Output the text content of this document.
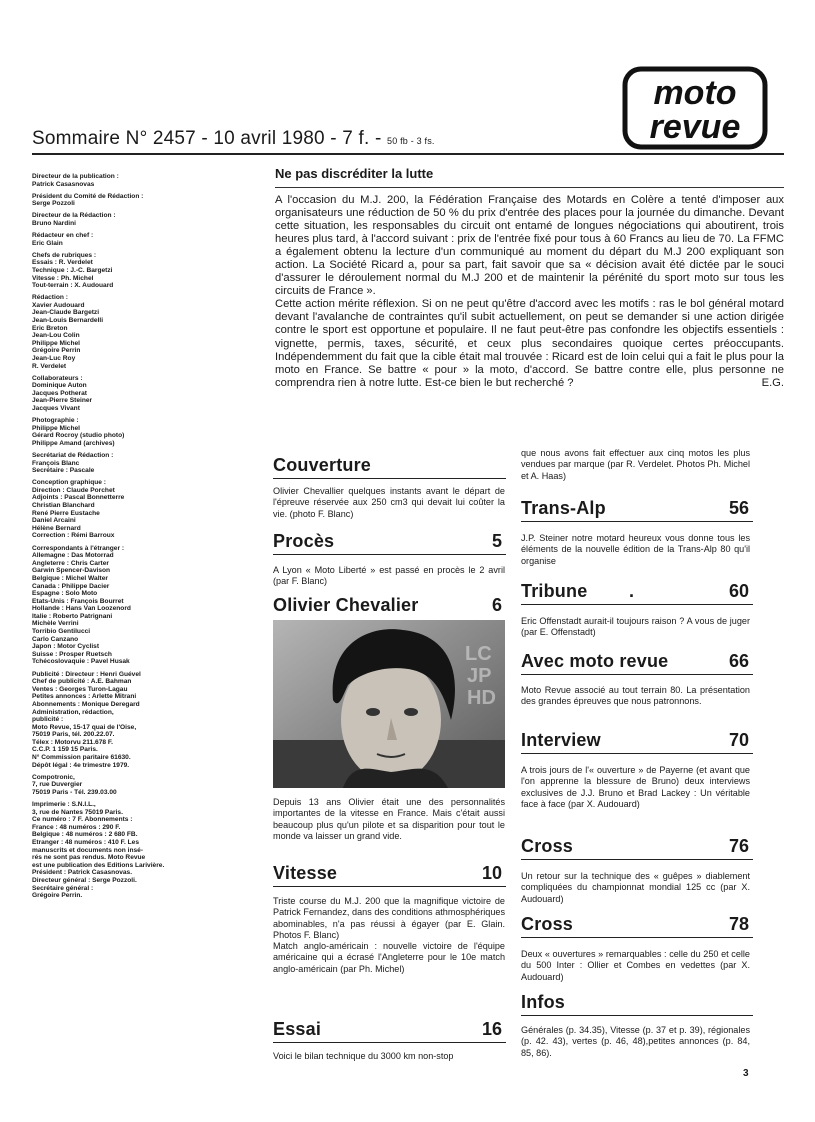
Sommaire N° 2457 - 10 avril 1980 - 7 f. - 50 fb - 3 fs.
moto
revue
Directeur de la publication :
Patrick Casasnovas
Président du Comité de Rédaction :
Serge Pozzoli
Directeur de la Rédaction :
Bruno Nardini
Rédacteur en chef :
Eric Glain
Chefs de rubriques :
Essais : R. Verdelet
Technique : J.-C. Bargetzi
Vitesse : Ph. Michel
Tout-terrain : X. Audouard
Rédaction :
Xavier Audouard
Jean-Claude Bargetzi
Jean-Louis Bernardelli
Eric Breton
Jean-Lou Colin
Philippe Michel
Grégoire Perrin
Jean-Luc Roy
R. Verdelet
Collaborateurs :
Dominique Auton
Jacques Potherat
Jean-Pierre Steiner
Jacques Vivant
Photographie :
Philippe Michel
Gérard Rocroy (studio photo)
Philippe Amand (archives)
Secrétariat de Rédaction :
François Blanc
Secrétaire : Pascale
Conception graphique :
Direction : Claude Porchet
Adjoints : Pascal Bonnetterre
Christian Blanchard
René Pierre Eustache
Daniel Arcaini
Hélène Bernard
Correction : Rémi Barroux
Correspondants à l'étranger :
Allemagne : Das Motorrad
Angleterre : Chris Carter
Garwin Spencer-Davison
Belgique : Michel Walter
Canada : Philippe Dacier
Espagne : Solo Moto
Etats-Unis : François Bourret
Hollande : Hans Van Loozenord
Italie : Roberto Patrignani
Michèle Verrini
Torribio Gentilucci
Carlo Canzano
Japon : Motor Cyclist
Suisse : Prosper Ruetsch
Tchécoslovaquie : Pavel Husak
Publicité : Directeur : Henri Guével
Chef de publicité : A.E. Bahman
Ventes : Georges Turon-Lagau
Petites annonces : Arlette Mitrani
Abonnements : Monique Deregard
Administration, rédaction,
publicité :
Moto Revue, 15-17 quai de l'Oise,
75019 Paris, tél. 200.22.07.
Télex : Motorvu 211.678 F.
C.C.P. 1 159 15 Paris.
N° Commission paritaire 61630.
Dépôt légal : 4e trimestre 1979.
Compotronic,
7, rue Duvergier
75019 Paris - Tél. 239.03.00
Imprimerie : S.N.I.L.,
3, rue de Nantes 75019 Paris.
Ce numéro : 7 F. Abonnements :
France : 48 numéros : 290 F.
Belgique : 48 numéros : 2 680 FB.
Etranger : 48 numéros : 410 F. Les
manuscrits et documents non insé-
rés ne sont pas rendus. Moto Revue
est une publication des Editions Larivière.
Président : Patrick Casasnovas.
Directeur général : Serge Pozzoli.
Secrétaire général :
Grégoire Perrin.
Ne pas discréditer la lutte

A l'occasion du M.J. 200, la Fédération Française des Motards en Colère a tenté d'imposer aux organisateurs une réduction de 50 % du prix d'entrée des places pour la journée du dimanche. Devant cette situation, les responsables du circuit ont entamé de longues négociations qui aboutirent, trois heures plus tard, à l'accord suivant : prix de l'entrée fixé pour tous à 60 Francs au lieu de 70. La FFMC a également obtenu la lecture d'un communiqué au moment du départ du M.J 200 expliquant son action. La Société Ricard a, pour sa part, fait savoir que sa « décision avait été dictée par le souci d'assurer le déroulement normal du M.J 200 et de maintenir la pérénité du sport moto sur tous les circuits de France ».

Cette action mérite réflexion. Si on ne peut qu'être d'accord avec les motifs : ras le bol général motard devant l'avalanche de contraintes qu'il subit actuellement, on peut se demander si une action dirigée contre le sport est opportune et populaire. Il ne faut peut-être pas confondre les objectifs essentiels : vignette, permis, taxes, sécurité, et ceux plus secondaires quoique certes préoccupants. Indépendemment du fait que la cible était mal trouvée : Ricard est de loin celui qui a fait le plus pour la moto en France. Se battre « pour » la moto, d'accord. Se battre contre elle, plus personne ne comprendra rien à notre lutte. Est-ce bien le but recherché ?	E.G.

Couverture
Olivier Chevallier quelques instants avant le départ de l'épreuve réservée aux 250 cm3 qui devait lui coûter la vie. (photo F. Blanc)
Procès	5
A Lyon « Moto Liberté » est passé en procès le 2 avril (par F. Blanc)
Olivier Chevalier	6
LC
JP
HD
Depuis 13 ans Olivier était une des personnalités importantes de la vitesse en France. Mais c'était aussi beaucoup plus qu'un pilote et sa disparition pour tout le monde va laisser un grand vide.
Vitesse	10

Triste course du M.J. 200 que la magnifique victoire de Patrick Fernandez, dans des conditions athmosphériques abominables, n'a pas réussi à égayer (par E. Glain. Photos F. Blanc)

Match anglo-américain : nouvelle victoire de l'équipe américaine qui a écrasé l'Angleterre pour le 10e match anglo-américain (par Ph. Michel)

Essai	16
Voici le bilan technique du 3000 km non-stop
que nous avons fait effectuer aux cinq motos les plus vendues par marque (par R. Verdelet. Photos Ph. Michel et A. Haas)
Trans-Alp	56
J.P. Steiner notre motard heureux vous donne tous les éléments de la nouvelle édition de la Trans-Alp 80 qu'il organise
Tribune .	60
Eric Offenstadt aurait-il toujours raison ? A vous de juger (par E. Offenstadt)
Avec moto revue	66
Moto Revue associé au tout terrain 80. La présentation des grandes épreuves que nous patronnons.
Interview	70
A trois jours de l'« ouverture » de Payerne (et avant que l'on apprenne la blessure de Bruno) deux interviews exclusives de J.J. Bruno et Brad Lackey : Un véritable face à face (par X. Audouard)
Cross	76
Un retour sur la technique des « guêpes » diablement compliquées du championnat mondial 125 cc (par X. Audouard)
Cross	78
Deux « ouvertures » remarquables : celle du 250 et celle du 500 Inter : Ollier et Combes en vedettes (par X. Audouard)
Infos
Générales (p. 34.35), Vitesse (p. 37 et p. 39), régionales (p. 42. 43), vertes (p. 46, 48),petites annonces (p. 84, 85, 86).
3
